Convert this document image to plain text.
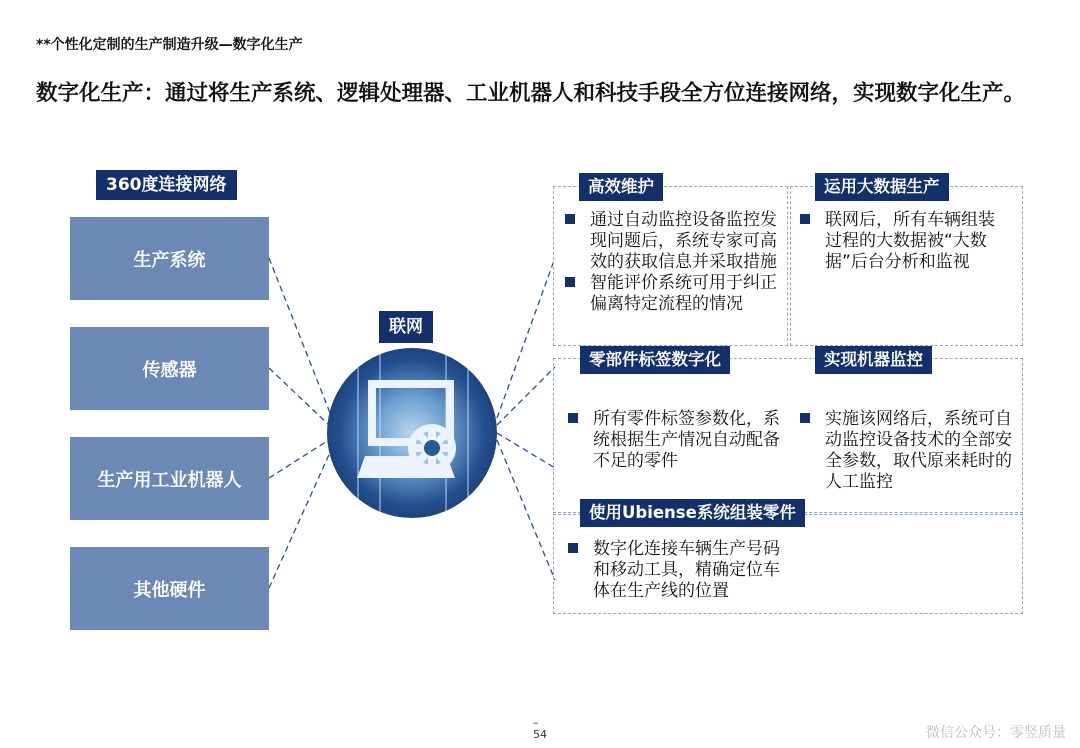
**个性化定制的生产制造升级—数字化生产
数字化生产：通过将生产系统、逻辑处理器、工业机器人和科技手段全方位连接网络，实现数字化生产。
360度连接网络
生产系统
传感器
生产用工业机器人
其他硬件
联网
高效维护
通过自动监控设备监控发现问题后，系统专家可高效的获取信息并采取措施
智能评价系统可用于纠正偏离特定流程的情况
运用大数据生产
联网后，所有车辆组装过程的大数据被“大数据”后台分析和监视
零部件标签数字化
所有零件标签参数化，系统根据生产情况自动配备不足的零件
实现机器监控
实施该网络后，系统可自动监控设备技术的全部安全参数，取代原来耗时的人工监控
使用Ubiense系统组装零件
数字化连接车辆生产号码和移动工具，精确定位车体在生产线的位置
–
54	微信公众号：零竖质量
